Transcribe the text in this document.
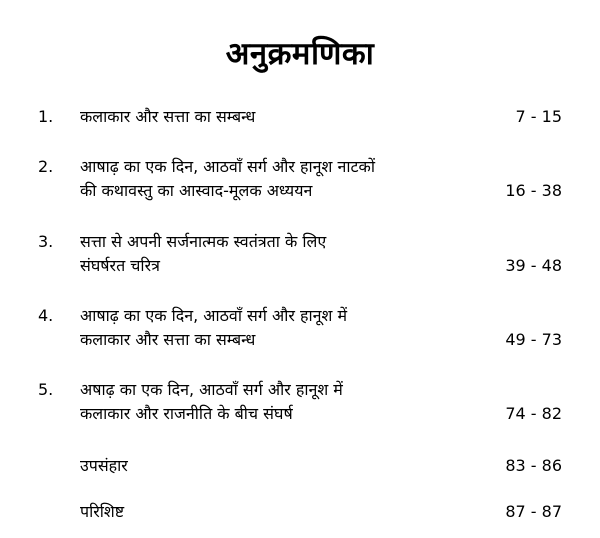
अनुक्रमणिका
1. कलाकार और सत्ता का सम्बन्ध	7 - 15
2. आषाढ़ का एक दिन, आठवाँ सर्ग और हानूश नाटकों
की कथावस्तु का आस्वाद-मूलक अध्ययन	16 - 38
3. सत्ता से अपनी सर्जनात्मक स्वतंत्रता के लिए
संघर्षरत चरित्र	39 - 48
4. आषाढ़ का एक दिन, आठवाँ सर्ग और हानूश में
कलाकार और सत्ता का सम्बन्ध	49 - 73
5. अषाढ़ का एक दिन, आठवाँ सर्ग और हानूश में
कलाकार और राजनीति के बीच संघर्ष	74 - 82
उपसंहार	83 - 86
परिशिष्ट	87 - 87
